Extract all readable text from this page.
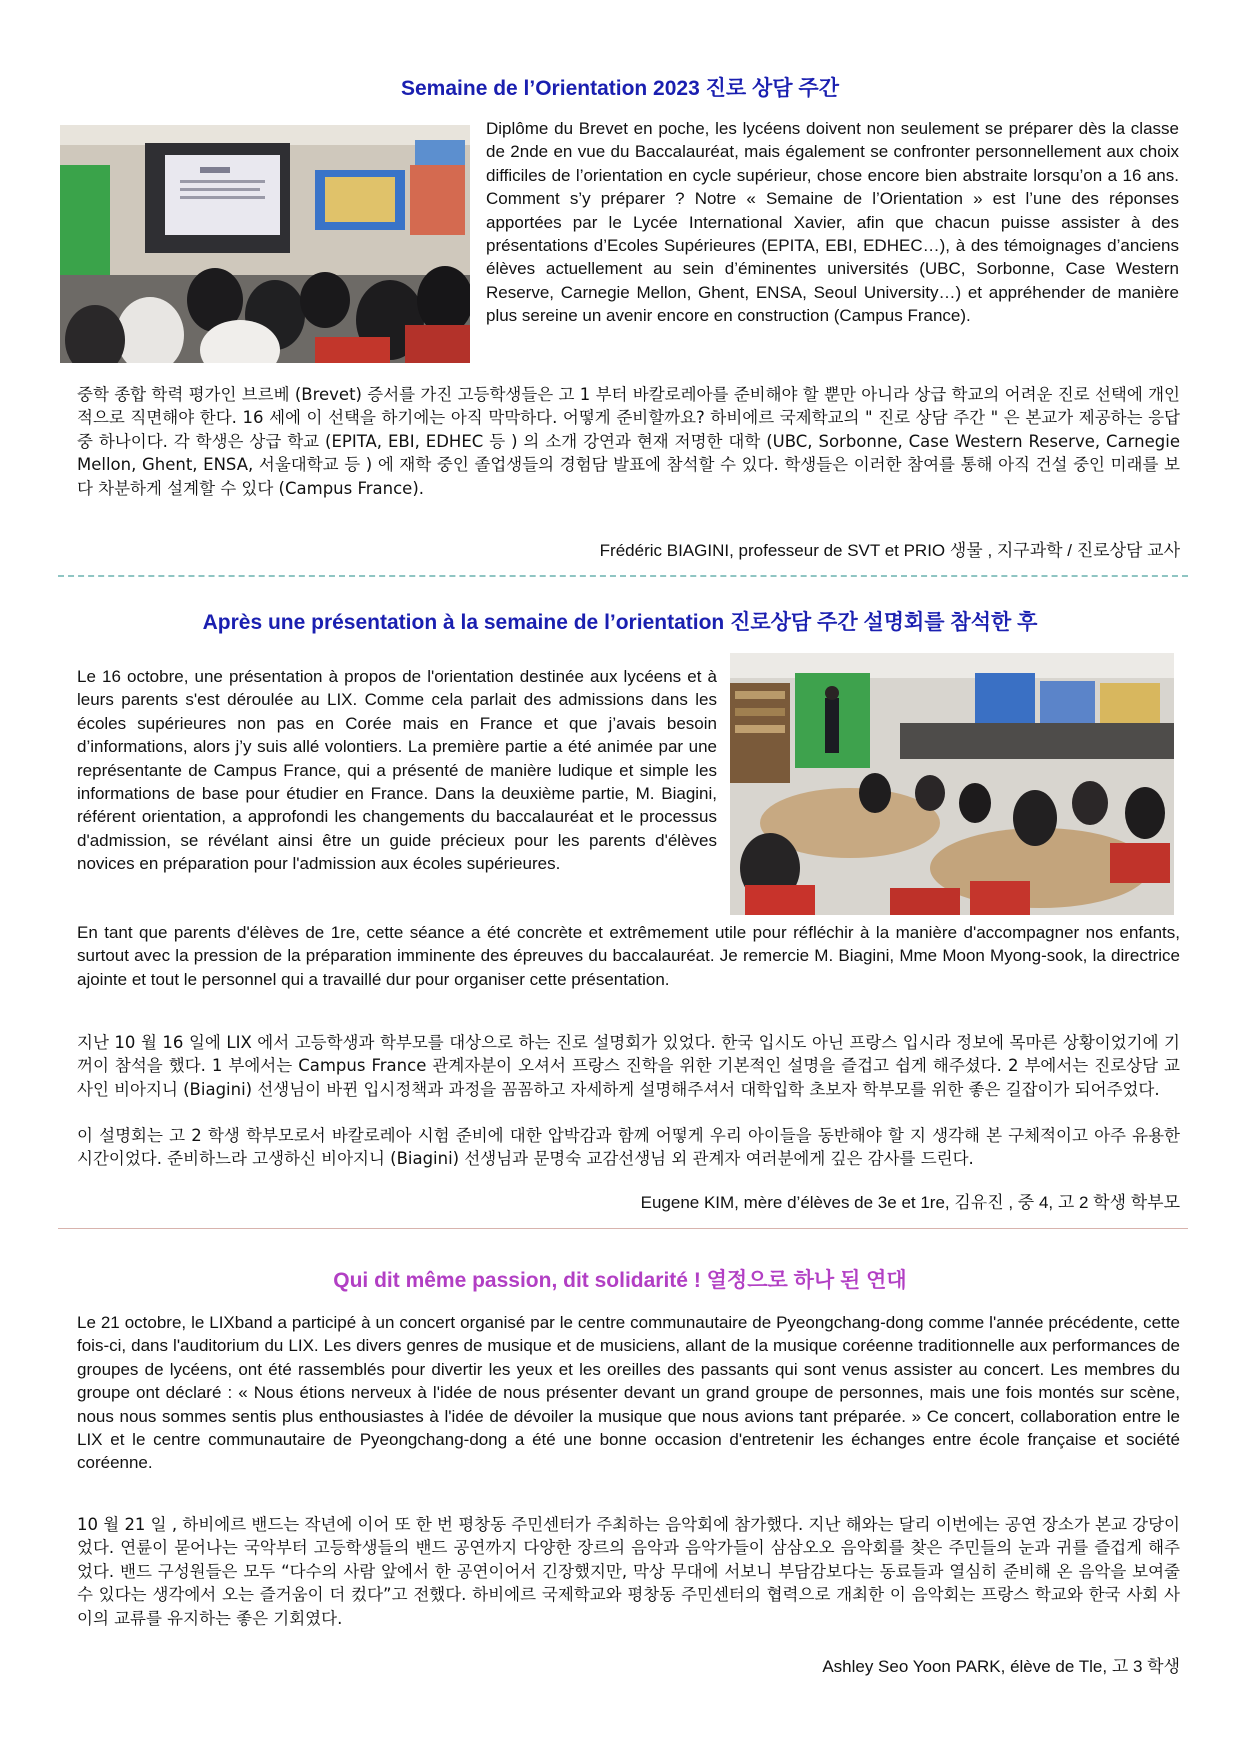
Semaine de l’Orientation 2023 진로 상담 주간

Diplôme du Brevet en poche, les lycéens doivent non seulement se préparer dès la classe de 2nde en vue du Baccalauréat, mais également se confronter personnellement aux choix difficiles de l’orientation en cycle supérieur, chose encore bien abstraite lorsqu’on a 16 ans. Comment s’y préparer ? Notre « Semaine de l’Orientation » est l’une des réponses apportées par le Lycée International Xavier, afin que chacun puisse assister à des présentations d’Ecoles Supérieures (EPITA, EBI, EDHEC…), à des témoignages d’anciens élèves actuellement au sein d’éminentes universités (UBC, Sorbonne, Case Western Reserve, Carnegie Mellon, Ghent, ENSA, Seoul University…) et appréhender de manière plus sereine un avenir encore en construction (Campus France).

중학 종합 학력 평가인 브르베 (Brevet) 증서를 가진 고등학생들은 고 1 부터 바칼로레아를 준비해야 할 뿐만 아니라 상급 학교의 어려운 진로 선택에 개인적으로 직면해야 한다. 16 세에 이 선택을 하기에는 아직 막막하다. 어떻게 준비할까요? 하비에르 국제학교의 " 진로 상담 주간 " 은 본교가 제공하는 응답 중 하나이다. 각 학생은 상급 학교 (EPITA, EBI, EDHEC 등 ) 의 소개 강연과 현재 저명한 대학 (UBC, Sorbonne, Case Western Reserve, Carnegie Mellon, Ghent, ENSA, 서울대학교 등 ) 에 재학 중인 졸업생들의 경험담 발표에 참석할 수 있다. 학생들은 이러한 참여를 통해 아직 건설 중인 미래를 보다 차분하게 설계할 수 있다 (Campus France).

Frédéric BIAGINI, professeur de SVT et PRIO 생물 , 지구과학 / 진로상담 교사

Après une présentation à la semaine de l’orientation 진로상담 주간 설명회를 참석한 후

Le 16 octobre, une présentation à propos de l'orientation destinée aux lycéens et à leurs parents s'est déroulée au LIX. Comme cela parlait des admissions dans les écoles supérieures non pas en Corée mais en France et que j’avais besoin d’informations, alors j’y suis allé volontiers. La première partie a été animée par une représentante de Campus France, qui a présenté de manière ludique et simple les informations de base pour étudier en France. Dans la deuxième partie, M. Biagini, référent orientation, a approfondi les changements du baccalauréat et le processus d'admission, se révélant ainsi être un guide précieux pour les parents d'élèves novices en préparation pour l'admission aux écoles supérieures.

En tant que parents d'élèves de 1re, cette séance a été concrète et extrêmement utile pour réfléchir à la manière d'accompagner nos enfants, surtout avec la pression de la préparation imminente des épreuves du baccalauréat. Je remercie M. Biagini, Mme Moon Myong-sook, la directrice ajointe et tout le personnel qui a travaillé dur pour organiser cette présentation.

지난 10 월 16 일에 LIX 에서 고등학생과 학부모를 대상으로 하는 진로 설명회가 있었다. 한국 입시도 아닌 프랑스 입시라 정보에 목마른 상황이었기에 기꺼이 참석을 했다. 1 부에서는 Campus France 관계자분이 오셔서 프랑스 진학을 위한 기본적인 설명을 즐겁고 쉽게 해주셨다. 2 부에서는 진로상담 교사인 비아지니 (Biagini) 선생님이 바뀐 입시정책과 과정을 꼼꼼하고 자세하게 설명해주셔서 대학입학 초보자 학부모를 위한 좋은 길잡이가 되어주었다.

이 설명회는 고 2 학생 학부모로서 바칼로레아 시험 준비에 대한 압박감과 함께 어떻게 우리 아이들을 동반해야 할 지 생각해 본 구체적이고 아주 유용한 시간이었다. 준비하느라 고생하신 비아지니 (Biagini) 선생님과 문명숙 교감선생님 외 관계자 여러분에게 깊은 감사를 드린다.

Eugene KIM, mère d’élèves de 3e et 1re, 김유진 , 중 4, 고 2 학생 학부모

Qui dit même passion, dit solidarité ! 열정으로 하나 된 연대

Le 21 octobre, le LIXband a participé à un concert organisé par le centre communautaire de Pyeongchang-dong comme l'année précédente, cette fois-ci, dans l'auditorium du LIX. Les divers genres de musique et de musiciens, allant de la musique coréenne traditionnelle aux performances de groupes de lycéens, ont été rassemblés pour divertir les yeux et les oreilles des passants qui sont venus assister au concert. Les membres du groupe ont déclaré : « Nous étions nerveux à l'idée de nous présenter devant un grand groupe de personnes, mais une fois montés sur scène, nous nous sommes sentis plus enthousiastes à l'idée de dévoiler la musique que nous avions tant préparée. » Ce concert, collaboration entre le LIX et le centre communautaire de Pyeongchang-dong a été une bonne occasion d'entretenir les échanges entre école française et société coréenne.

10 월 21 일 , 하비에르 밴드는 작년에 이어 또 한 번 평창동 주민센터가 주최하는 음악회에 참가했다. 지난 해와는 달리 이번에는 공연 장소가 본교 강당이었다. 연륜이 묻어나는 국악부터 고등학생들의 밴드 공연까지 다양한 장르의 음악과 음악가들이 삼삼오오 음악회를 찾은 주민들의 눈과 귀를 즐겁게 해주었다. 밴드 구성원들은 모두 “다수의 사람 앞에서 한 공연이어서 긴장했지만, 막상 무대에 서보니 부담감보다는 동료들과 열심히 준비해 온 음악을 보여줄 수 있다는 생각에서 오는 즐거움이 더 컸다”고 전했다. 하비에르 국제학교와 평창동 주민센터의 협력으로 개최한 이 음악회는 프랑스 학교와 한국 사회 사이의 교류를 유지하는 좋은 기회였다.

Ashley Seo Yoon PARK, élève de Tle, 고 3 학생
